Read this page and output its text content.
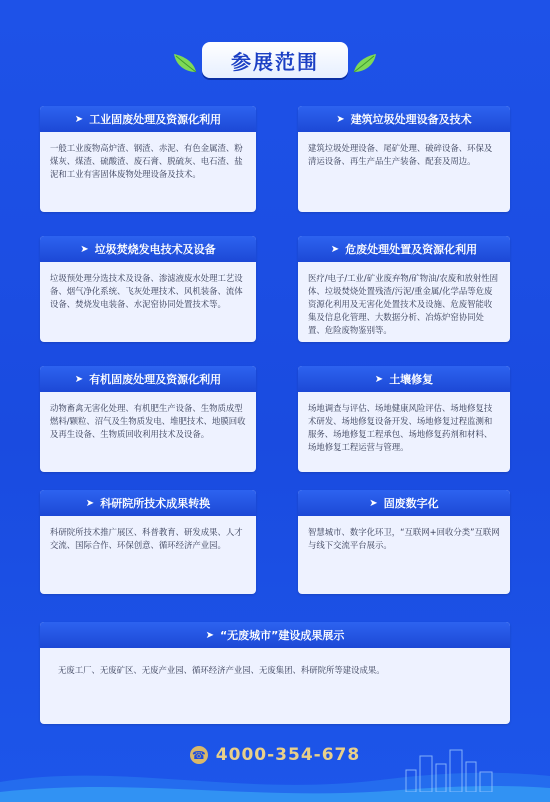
参展范围
➤ 工业固废处理及资源化利用
一般工业废物高炉渣、钢渣、赤泥、有色金属渣、粉煤灰、煤渣、硫酸渣、废石膏、脱硫灰、电石渣、盐泥和工业有害固体废物处理设备及技术。
➤ 建筑垃圾处理设备及技术
建筑垃圾处理设备、尾矿处理、破碎设备、环保及清运设备、再生产品生产装备、配套及周边。
➤ 垃圾焚烧发电技术及设备
垃圾预处理分选技术及设备、渗滤液废水处理工艺设备、烟气净化系统、飞灰处理技术、风机装备、流体设备、焚烧发电装备、水泥窑协同处置技术等。
➤ 危废处理处置及资源化利用
医疗/电子/工业/矿业废弃物/矿物油/农废和放射性固体、垃圾焚烧处置残渣/污泥/重金属/化学品等危废资源化利用及无害化处置技术及设施、危废智能收集及信息化管理、大数据分析、冶炼炉窑协同处置、危险废物鉴别等。
➤ 有机固废处理及资源化利用
动物畜禽无害化处理、有机肥生产设备、生物质成型燃料/颗粒、沼气及生物质发电、堆肥技术、地膜回收及再生设备、生物质回收利用技术及设备。
➤ 土壤修复
场地调查与评估、场地健康风险评估、场地修复技术研发、场地修复设备开发、场地修复过程监测和服务、场地修复工程承包、场地修复药剂和材料、场地修复工程运营与管理。
➤ 科研院所技术成果转换
科研院所技术推广展区、科普教育、研发成果、人才交流、国际合作、环保创意、循环经济产业园。
➤ 固废数字化
智慧城市、数字化环卫，“互联网+回收分类”互联网与线下交流平台展示。
➤ “无废城市”建设成果展示
无废工厂、无废矿区、无废产业园、循环经济产业园、无废集团、科研院所等建设成果。
☎ 4000-354-678
